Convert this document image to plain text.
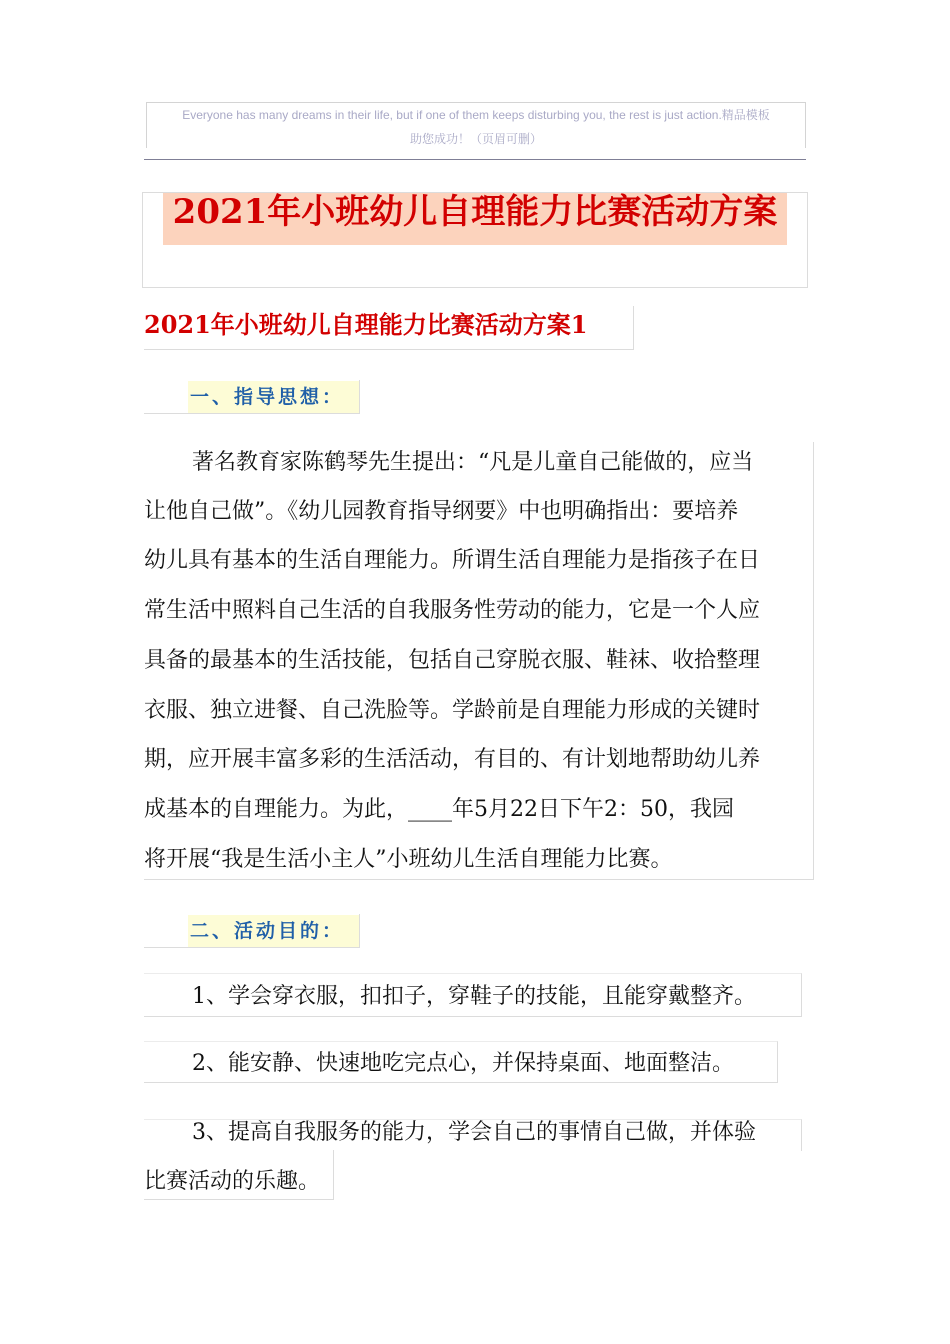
Everyone has many dreams in their life, but if one of them keeps disturbing you, the rest is just action.精品模板
助您成功！（页眉可删）
2021年小班幼儿自理能力比赛活动方案
2021年小班幼儿自理能力比赛活动方案1
一、指导思想：
著名教育家陈鹤琴先生提出：“凡是儿童自己能做的，应当
让他自己做”。《幼儿园教育指导纲要》中也明确指出：要培养
幼儿具有基本的生活自理能力。所谓生活自理能力是指孩子在日
常生活中照料自己生活的自我服务性劳动的能力，它是一个人应
具备的最基本的生活技能，包括自己穿脱衣服、鞋袜、收拾整理
衣服、独立进餐、自己洗脸等。学龄前是自理能力形成的关键时
期，应开展丰富多彩的生活活动，有目的、有计划地帮助幼儿养
成基本的自理能力。为此，____年5月22日下午2：50，我园
将开展“我是生活小主人”小班幼儿生活自理能力比赛。
二、活动目的：
1、学会穿衣服，扣扣子，穿鞋子的技能，且能穿戴整齐。
2、能安静、快速地吃完点心，并保持桌面、地面整洁。
3、提高自我服务的能力，学会自己的事情自己做，并体验
比赛活动的乐趣。
